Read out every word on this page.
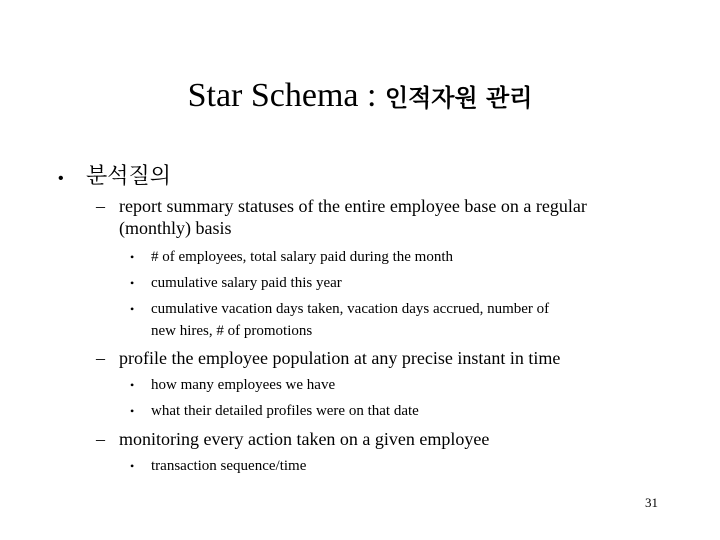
Star Schema : 인적자원 관리
• 분석질의
– report summary statuses of the entire employee base on a regular
(monthly) basis
•	# of employees, total salary paid during the month
•	cumulative salary paid this year
•	cumulative vacation days taken, vacation days accrued, number of
new hires, # of promotions
– profile the employee population at any precise instant in time
•	how many employees we have
•	what their detailed profiles were on that date
– monitoring every action taken on a given employee
•	transaction sequence/time
31
